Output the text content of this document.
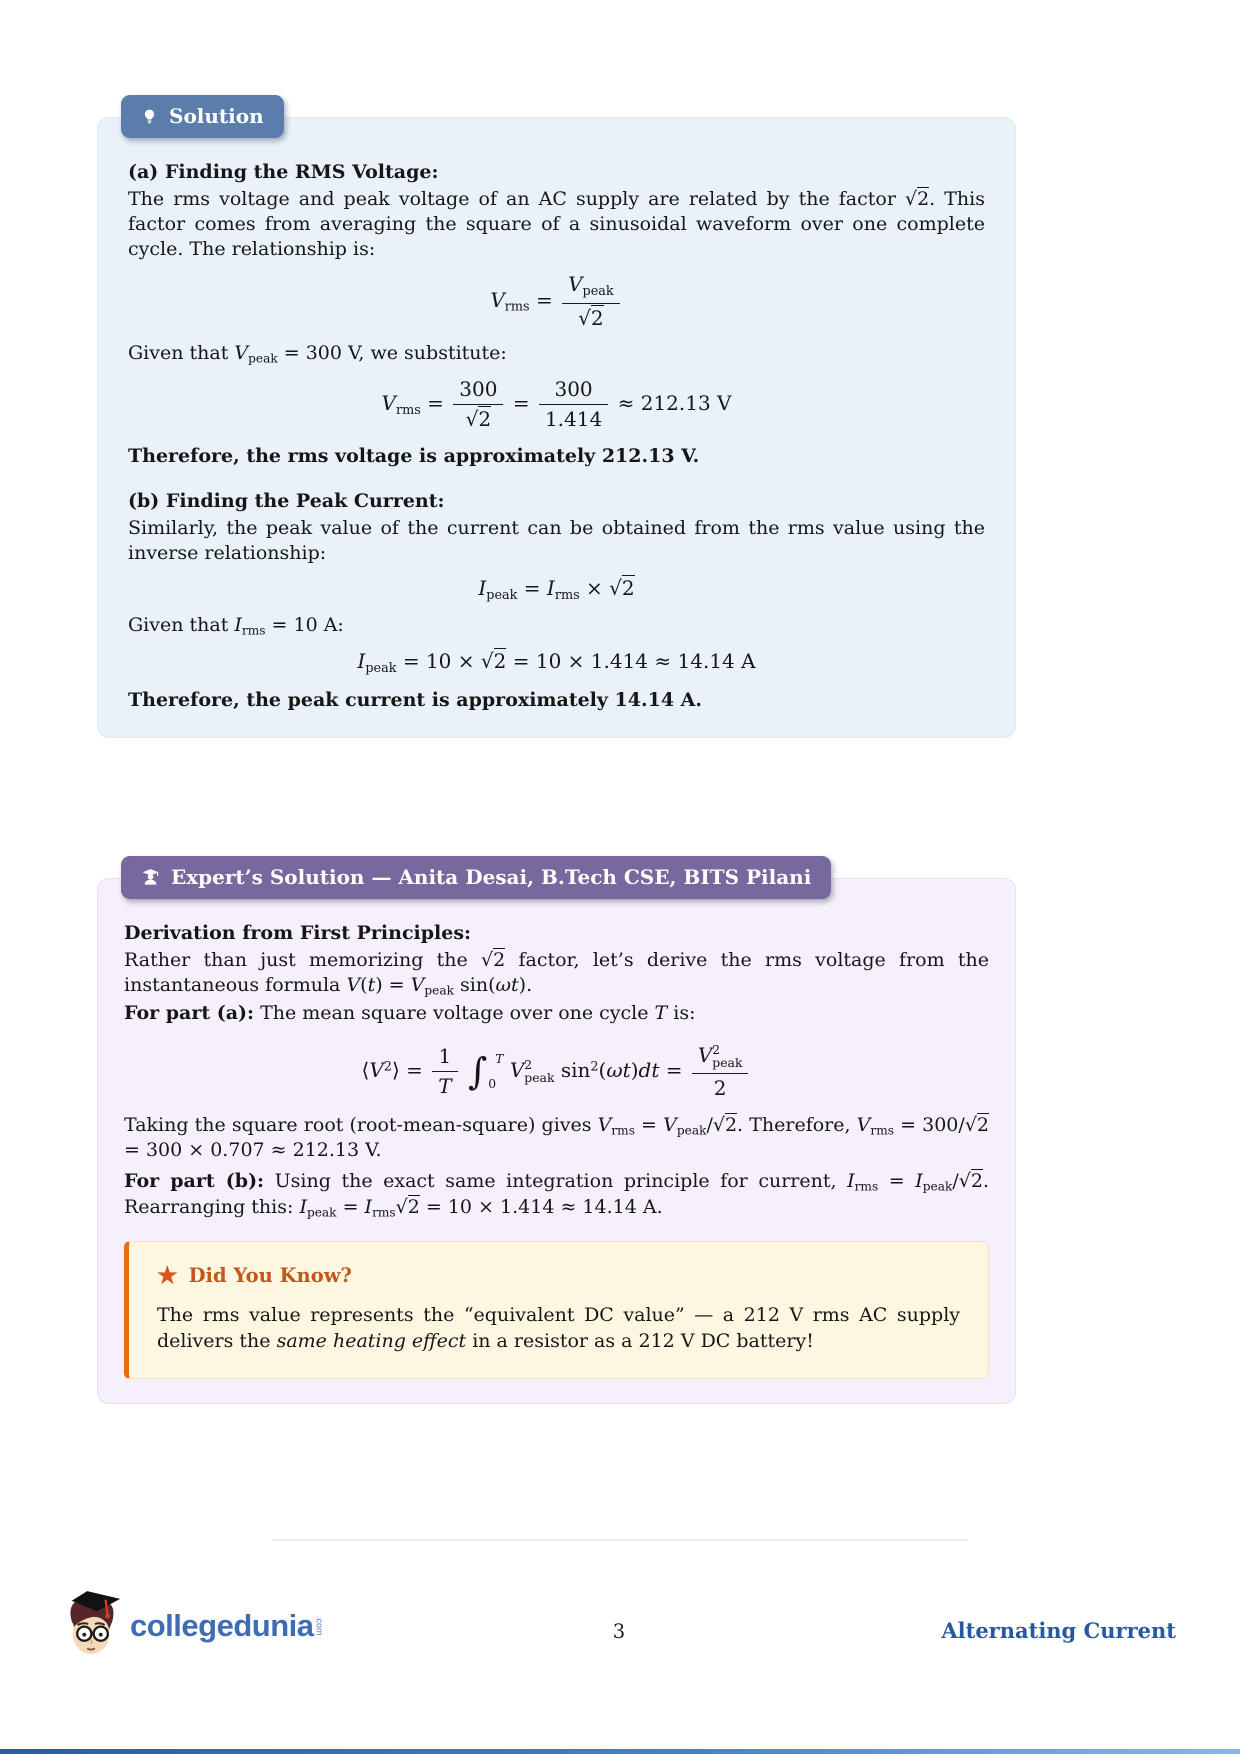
Solution
(a) Finding the RMS Voltage:
The rms voltage and peak voltage of an AC supply are related by the factor √2. This factor comes from averaging the square of a sinusoidal waveform over one complete cycle. The relationship is:
$V_{rms} = \frac{V_{peak}}{√2}$
Given that $V_{peak} = 300$ V, we substitute:
$V_{rms} = \frac{300}{√2} = \frac{300}{1.414} \approx 212.13$ V
Therefore, the rms voltage is approximately 212.13 V.
(b) Finding the Peak Current:
Similarly, the peak value of the current can be obtained from the rms value using the inverse relationship:
$I_{peak} = I_{rms} \times √2$
Given that $I_{rms} = 10$ A:
$I_{peak} = 10 \times √2 = 10 \times 1.414 \approx 14.14$ A
Therefore, the peak current is approximately 14.14 A.
Expert’s Solution — Anita Desai, B.Tech CSE, BITS Pilani
Derivation from First Principles:
Rather than just memorizing the √2 factor, let’s derive the rms voltage from the instantaneous formula $V(t) = V_{peak}$ sin(ωt).
For part (a): The mean square voltage over one cycle T is:
$⟨V^2⟩ = \frac{1}{T}$ ∫ T
0
V 2
peak $\sin^2(\omega t)dt = V$ 2
peak
2
Taking the square root (root-mean-square) gives $V_{rms} = V_{peak}/√2$. Therefore, $V_{rms} = 300/√2 = 300 \times 0.707 \approx 212.13$ V.
For part (b): Using the exact same integration principle for current, $I_{rms} = I_{peak}/√2$. Rearranging this: $I_{peak} = I_{rms}√2 = 10 \times 1.414 \approx 14.14$ A.
★ Did You Know?
The rms value represents the “equivalent DC value” — a 212 V rms AC supply delivers the same heating effect in a resistor as a 212 V DC battery!
collegedunia .com	3	Alternating Current
